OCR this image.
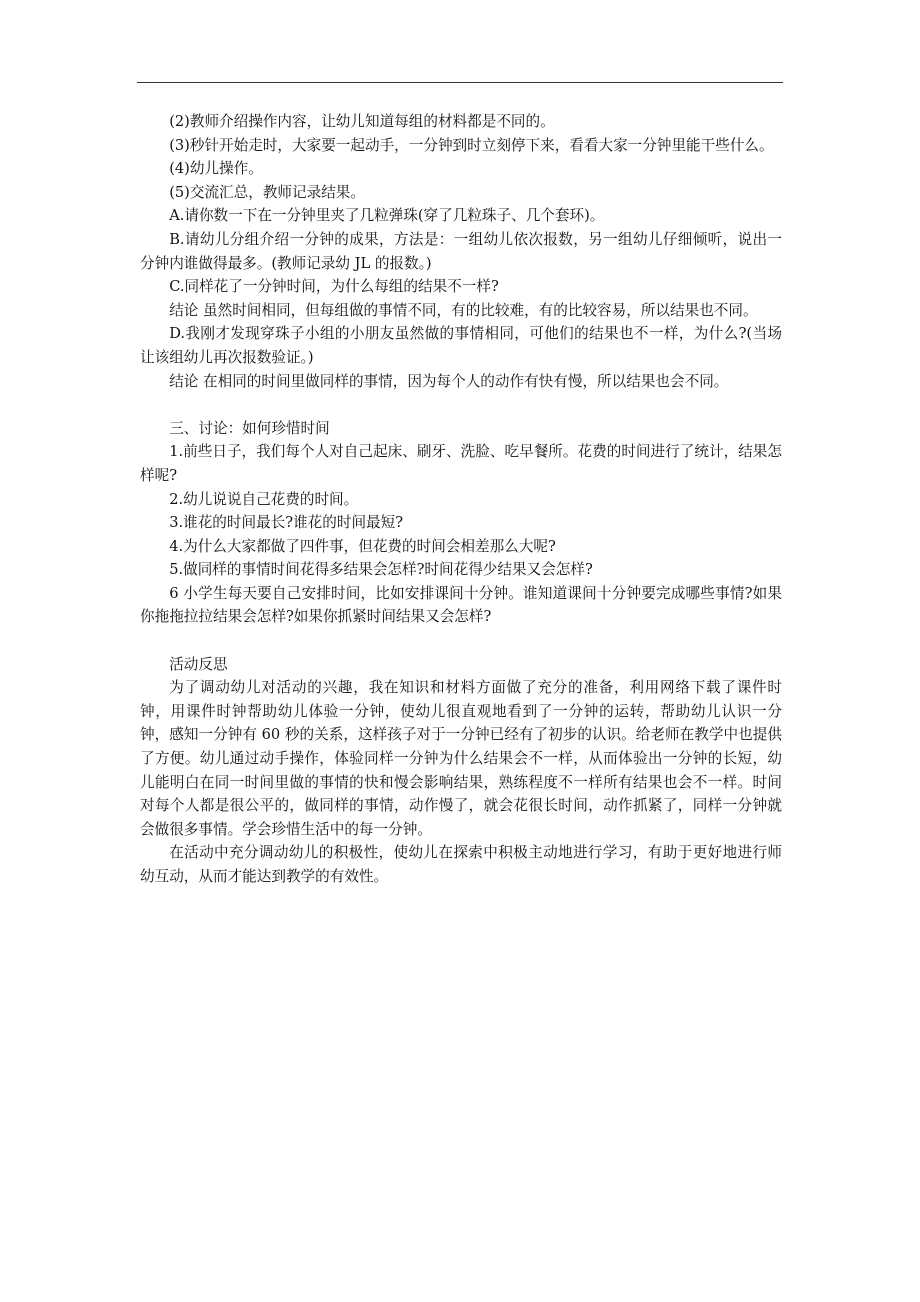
(2)教师介绍操作内容，让幼儿知道每组的材料都是不同的。

(3)秒针开始走时，大家要一起动手，一分钟到时立刻停下来，看看大家一分钟里能干些什么。

(4)幼儿操作。

(5)交流汇总，教师记录结果。

A.请你数一下在一分钟里夹了几粒弹珠(穿了几粒珠子、几个套环)。

B.请幼儿分组介绍一分钟的成果，方法是：一组幼儿依次报数，另一组幼儿仔细倾听，说出一分钟内谁做得最多。(教师记录幼 JL 的报数。)

C.同样花了一分钟时间，为什么每组的结果不一样?

结论 虽然时间相同，但每组做的事情不同，有的比较难，有的比较容易，所以结果也不同。

D.我刚才发现穿珠子小组的小朋友虽然做的事情相同，可他们的结果也不一样，为什么?(当场让该组幼儿再次报数验证。)

结论 在相同的时间里做同样的事情，因为每个人的动作有快有慢，所以结果也会不同。

三、讨论：如何珍惜时间

1.前些日子，我们每个人对自己起床、刷牙、洗脸、吃早餐所。花费的时间进行了统计，结果怎样呢?

2.幼儿说说自己花费的时间。

3.谁花的时间最长?谁花的时间最短?

4.为什么大家都做了四件事，但花费的时间会相差那么大呢?

5.做同样的事情时间花得多结果会怎样?时间花得少结果又会怎样?

6 小学生每天要自己安排时间，比如安排课间十分钟。谁知道课间十分钟要完成哪些事情?如果你拖拖拉拉结果会怎样?如果你抓紧时间结果又会怎样?

活动反思

为了调动幼儿对活动的兴趣，我在知识和材料方面做了充分的准备，利用网络下载了课件时钟，用课件时钟帮助幼儿体验一分钟，使幼儿很直观地看到了一分钟的运转，帮助幼儿认识一分钟，感知一分钟有 60 秒的关系，这样孩子对于一分钟已经有了初步的认识。给老师在教学中也提供了方便。幼儿通过动手操作，体验同样一分钟为什么结果会不一样，从而体验出一分钟的长短，幼儿能明白在同一时间里做的事情的快和慢会影响结果，熟练程度不一样所有结果也会不一样。时间对每个人都是很公平的，做同样的事情，动作慢了，就会花很长时间，动作抓紧了，同样一分钟就会做很多事情。学会珍惜生活中的每一分钟。

在活动中充分调动幼儿的积极性，使幼儿在探索中积极主动地进行学习，有助于更好地进行师幼互动，从而才能达到教学的有效性。
